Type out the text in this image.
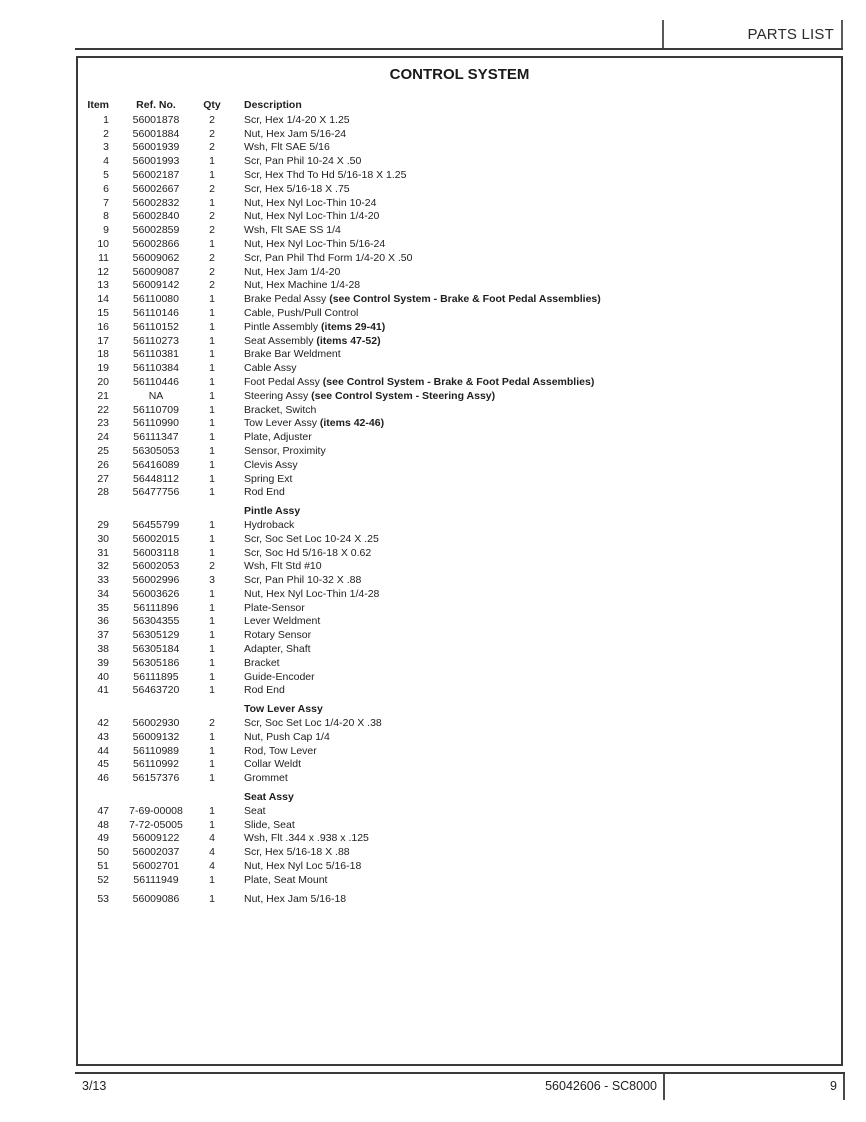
PARTS LIST
CONTROL SYSTEM
Item	Ref. No.	Qty	Description
1	56001878	2	Scr, Hex 1/4-20 X 1.25
2	56001884	2	Nut, Hex Jam 5/16-24
3	56001939	2	Wsh, Flt SAE 5/16
4	56001993	1	Scr, Pan Phil 10-24 X .50
5	56002187	1	Scr, Hex Thd To Hd 5/16-18 X 1.25
6	56002667	2	Scr, Hex 5/16-18 X .75
7	56002832	1	Nut, Hex Nyl Loc-Thin 10-24
8	56002840	2	Nut, Hex Nyl Loc-Thin 1/4-20
9	56002859	2	Wsh, Flt SAE SS 1/4
10	56002866	1	Nut, Hex Nyl Loc-Thin 5/16-24
11	56009062	2	Scr, Pan Phil Thd Form 1/4-20 X .50
12	56009087	2	Nut, Hex Jam 1/4-20
13	56009142	2	Nut, Hex Machine 1/4-28
14	56110080	1	Brake Pedal Assy (see Control System - Brake & Foot Pedal Assemblies)
15	56110146	1	Cable, Push/Pull Control
16	56110152	1	Pintle Assembly (items 29-41)
17	56110273	1	Seat Assembly (items 47-52)
18	56110381	1	Brake Bar Weldment
19	56110384	1	Cable Assy
20	56110446	1	Foot Pedal Assy (see Control System - Brake & Foot Pedal Assemblies)
21	NA	1	Steering Assy (see Control System - Steering Assy)
22	56110709	1	Bracket, Switch
23	56110990	1	Tow Lever Assy (items 42-46)
24	56111347	1	Plate, Adjuster
25	56305053	1	Sensor, Proximity
26	56416089	1	Clevis Assy
27	56448112	1	Spring Ext
28	56477756	1	Rod End
Pintle Assy
29	56455799	1	Hydroback
30	56002015	1	Scr, Soc Set Loc 10-24 X .25
31	56003118	1	Scr, Soc Hd 5/16-18 X 0.62
32	56002053	2	Wsh, Flt Std #10
33	56002996	3	Scr, Pan Phil 10-32 X .88
34	56003626	1	Nut, Hex Nyl Loc-Thin 1/4-28
35	56111896	1	Plate-Sensor
36	56304355	1	Lever Weldment
37	56305129	1	Rotary Sensor
38	56305184	1	Adapter, Shaft
39	56305186	1	Bracket
40	56111895	1	Guide-Encoder
41	56463720	1	Rod End
Tow Lever Assy
42	56002930	2	Scr, Soc Set Loc 1/4-20 X .38
43	56009132	1	Nut, Push Cap 1/4
44	56110989	1	Rod, Tow Lever
45	56110992	1	Collar Weldt
46	56157376	1	Grommet
Seat Assy
47	7-69-00008	1	Seat
48	7-72-05005	1	Slide, Seat
49	56009122	4	Wsh, Flt .344 x .938 x .125
50	56002037	4	Scr, Hex 5/16-18 X .88
51	56002701	4	Nut, Hex Nyl Loc 5/16-18
52	56111949	1	Plate, Seat Mount
53	56009086	1	Nut, Hex Jam 5/16-18
3/13	56042606 - SC8000	9
